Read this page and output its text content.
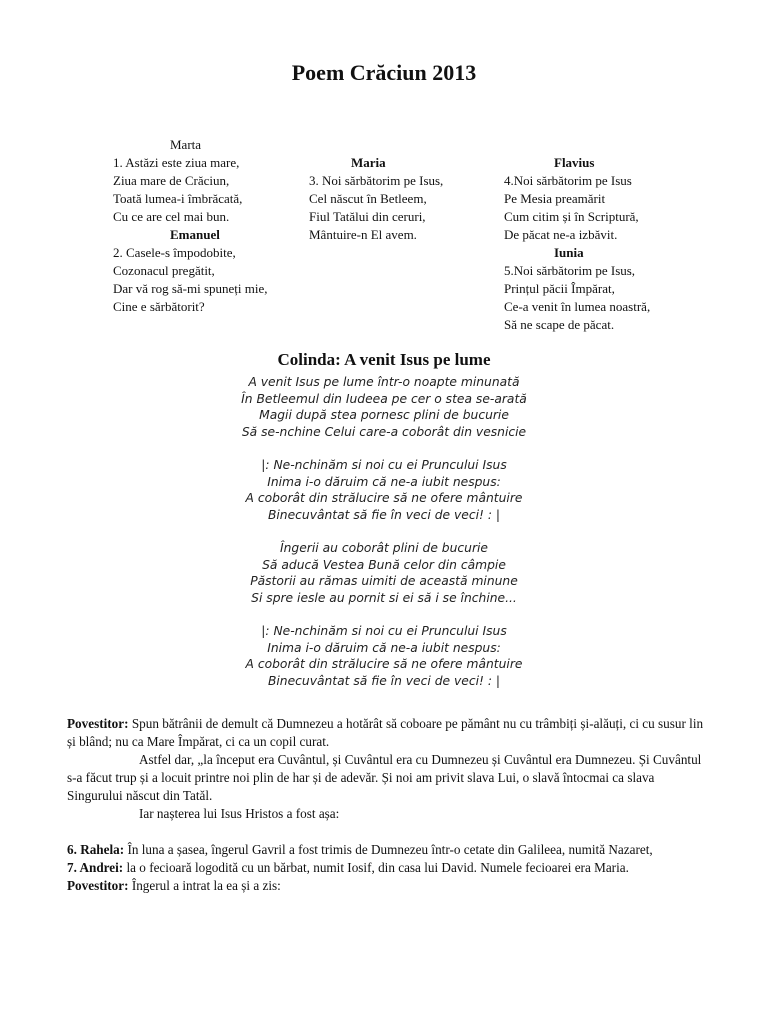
Poem Crăciun 2013
Marta
1. Astăzi este ziua mare,
Ziua mare de Crăciun,
Toată lumea-i îmbrăcată,
Cu ce are cel mai bun.
Emanuel
2. Casele-s împodobite,
Cozonacul pregătit,
Dar vă rog să-mi spuneți mie,
Cine e sărbătorit?
Maria
3. Noi sărbătorim pe Isus,
Cel născut în Betleem,
Fiul Tatălui din ceruri,
Mântuire-n El avem.
Flavius
4.Noi sărbătorim pe Isus
Pe Mesia preamărit
Cum citim și în Scriptură,
De păcat ne-a izbăvit.
Iunia
5.Noi sărbătorim pe Isus,
Prințul păcii Împărat,
Ce-a venit în lumea noastră,
Să ne scape de păcat.
Colinda: A venit Isus pe lume
A venit Isus pe lume într-o noapte minunată
În Betleemul din Iudeea pe cer o stea se-arată
Magii după stea pornesc plini de bucurie
Să se-nchine Celui care-a coborât din vesnicie
|: Ne-nchinăm si noi cu ei Pruncului Isus
Inima i-o dăruim că ne-a iubit nespus:
A coborât din strălucire să ne ofere mântuire
Binecuvântat să fie în veci de veci! : |
Îngerii au coborât plini de bucurie
Să aducă Vestea Bună celor din câmpie
Păstorii au rămas uimiti de această minune
Si spre iesle au pornit si ei să i se închine...
|: Ne-nchinăm si noi cu ei Pruncului Isus
Inima i-o dăruim că ne-a iubit nespus:
A coborât din strălucire să ne ofere mântuire
Binecuvântat să fie în veci de veci! : |

Povestitor: Spun bătrânii de demult că Dumnezeu a hotărât să coboare pe pământ nu cu trâmbiți și-alăuți, ci cu susur lin și blând; nu ca Mare Împărat, ci ca un copil curat.

Astfel dar, „la început era Cuvântul, și Cuvântul era cu Dumnezeu și Cuvântul era Dumnezeu. Și Cuvântul s-a făcut trup și a locuit printre noi plin de har și de adevăr. Și noi am privit slava Lui, o slavă întocmai ca slava Singurului născut din Tatăl.

Iar nașterea lui Isus Hristos a fost așa:

6. Rahela: În luna a șasea, îngerul Gavril a fost trimis de Dumnezeu într-o cetate din Galileea, numită Nazaret,

7. Andrei: la o fecioară logodită cu un bărbat, numit Iosif, din casa lui David. Numele fecioarei era Maria.

Povestitor: Îngerul a intrat la ea și a zis:
